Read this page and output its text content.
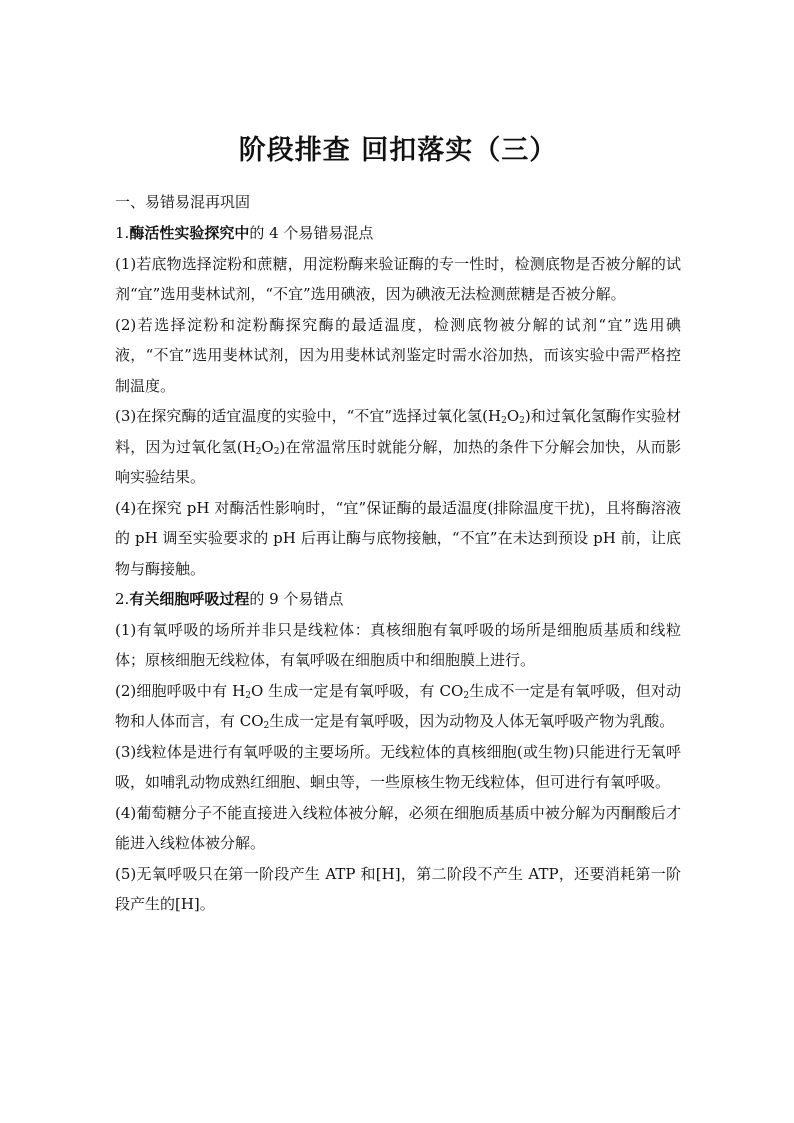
阶段排查 回扣落实（三）
一、易错易混再巩固

1.酶活性实验探究中的 4 个易错易混点

(1)若底物选择淀粉和蔗糖，用淀粉酶来验证酶的专一性时，检测底物是否被分解的试剂“宜”选用斐林试剂，“不宜”选用碘液，因为碘液无法检测蔗糖是否被分解。

(2)若选择淀粉和淀粉酶探究酶的最适温度，检测底物被分解的试剂“宜”选用碘液，“不宜”选用斐林试剂，因为用斐林试剂鉴定时需水浴加热，而该实验中需严格控制温度。

(3)在探究酶的适宜温度的实验中，“不宜”选择过氧化氢$(H_2O_2)$和过氧化氢酶作实验材料，因为过氧化氢$(H_2O_2)$在常温常压时就能分解，加热的条件下分解会加快，从而影响实验结果。

(4)在探究 pH 对酶活性影响时，“宜”保证酶的最适温度(排除温度干扰)，且将酶溶液的 pH 调至实验要求的 pH 后再让酶与底物接触，“不宜”在未达到预设 pH 前，让底物与酶接触。

2.有关细胞呼吸过程的 9 个易错点

(1)有氧呼吸的场所并非只是线粒体：真核细胞有氧呼吸的场所是细胞质基质和线粒体；原核细胞无线粒体，有氧呼吸在细胞质中和细胞膜上进行。

(2)细胞呼吸中有 $H_2O$ 生成一定是有氧呼吸，有 $CO_2$生成不一定是有氧呼吸，但对动物和人体而言，有 $CO_2$生成一定是有氧呼吸，因为动物及人体无氧呼吸产物为乳酸。

(3)线粒体是进行有氧呼吸的主要场所。无线粒体的真核细胞(或生物)只能进行无氧呼吸，如哺乳动物成熟红细胞、蛔虫等，一些原核生物无线粒体，但可进行有氧呼吸。

(4)葡萄糖分子不能直接进入线粒体被分解，必须在细胞质基质中被分解为丙酮酸后才能进入线粒体被分解。

(5)无氧呼吸只在第一阶段产生 ATP 和[H]，第二阶段不产生 ATP，还要消耗第一阶段产生的[H]。
